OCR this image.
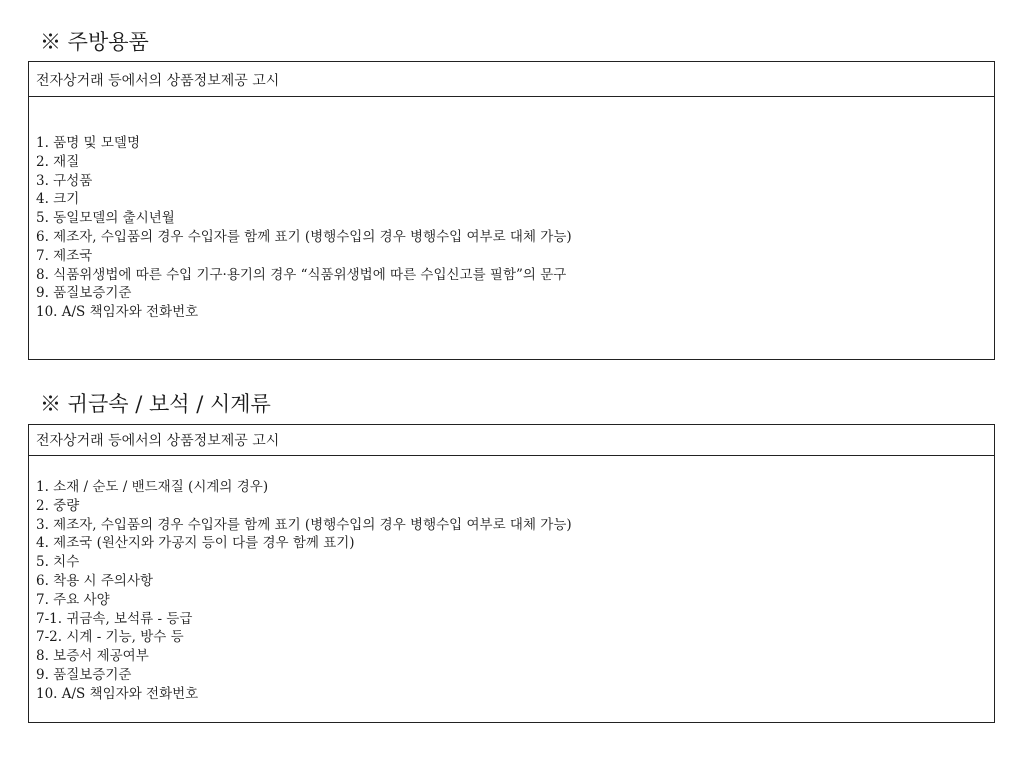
※ 주방용품
전자상거래 등에서의 상품정보제공 고시
1. 품명 및 모델명
2. 재질
3. 구성품
4. 크기
5. 동일모델의 출시년월
6. 제조자, 수입품의 경우 수입자를 함께 표기 (병행수입의 경우 병행수입 여부로 대체 가능)
7. 제조국
8. 식품위생법에 따른 수입 기구·용기의 경우 “식품위생법에 따른 수입신고를 필함”의 문구
9. 품질보증기준
10. A/S 책임자와 전화번호
※ 귀금속 / 보석 / 시계류
전자상거래 등에서의 상품정보제공 고시
1. 소재 / 순도 / 밴드재질 (시계의 경우)
2. 중량
3. 제조자, 수입품의 경우 수입자를 함께 표기 (병행수입의 경우 병행수입 여부로 대체 가능)
4. 제조국 (원산지와 가공지 등이 다를 경우 함께 표기)
5. 치수
6. 착용 시 주의사항
7. 주요 사양
7-1. 귀금속, 보석류 - 등급
7-2. 시계 - 기능, 방수 등
8. 보증서 제공여부
9. 품질보증기준
10. A/S 책임자와 전화번호
